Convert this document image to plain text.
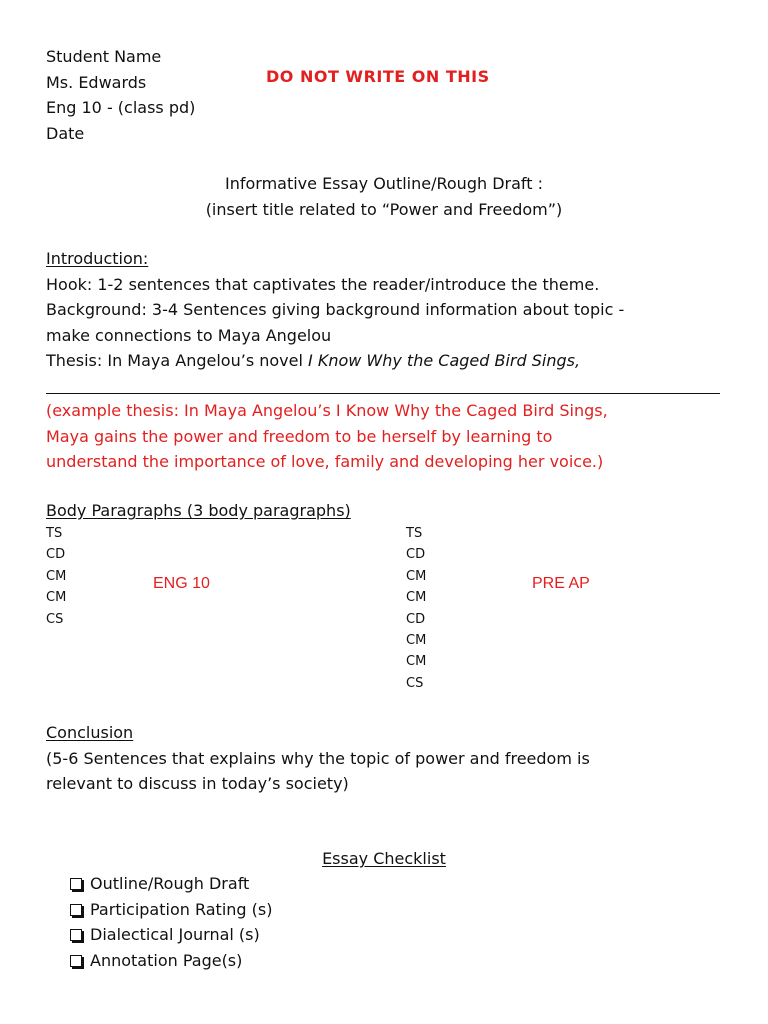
Student Name
Ms. Edwards
Eng 10 - (class pd)
Date
DO NOT WRITE ON THIS
Informative Essay Outline/Rough Draft :
(insert title related to “Power and Freedom”)
Introduction:
Hook: 1-2 sentences that captivates the reader/introduce the theme.
Background: 3-4 Sentences giving background information about topic -
make connections to Maya Angelou
Thesis: In Maya Angelou’s novel I Know Why the Caged Bird Sings,
(example thesis: In Maya Angelou’s I Know Why the Caged Bird Sings,
Maya gains the power and freedom to be herself by learning to
understand the importance of love, family and developing her voice.)
Body Paragraphs (3 body paragraphs)
TS
CD
CM
CM
CS
ENG 10
TS
CD
CM
CM
CD
CM
CM
CS
PRE AP
Conclusion
(5-6 Sentences that explains why the topic of power and freedom is
relevant to discuss in today’s society)
Essay Checklist
Outline/Rough Draft
Participation Rating (s)
Dialectical Journal (s)
Annotation Page(s)
